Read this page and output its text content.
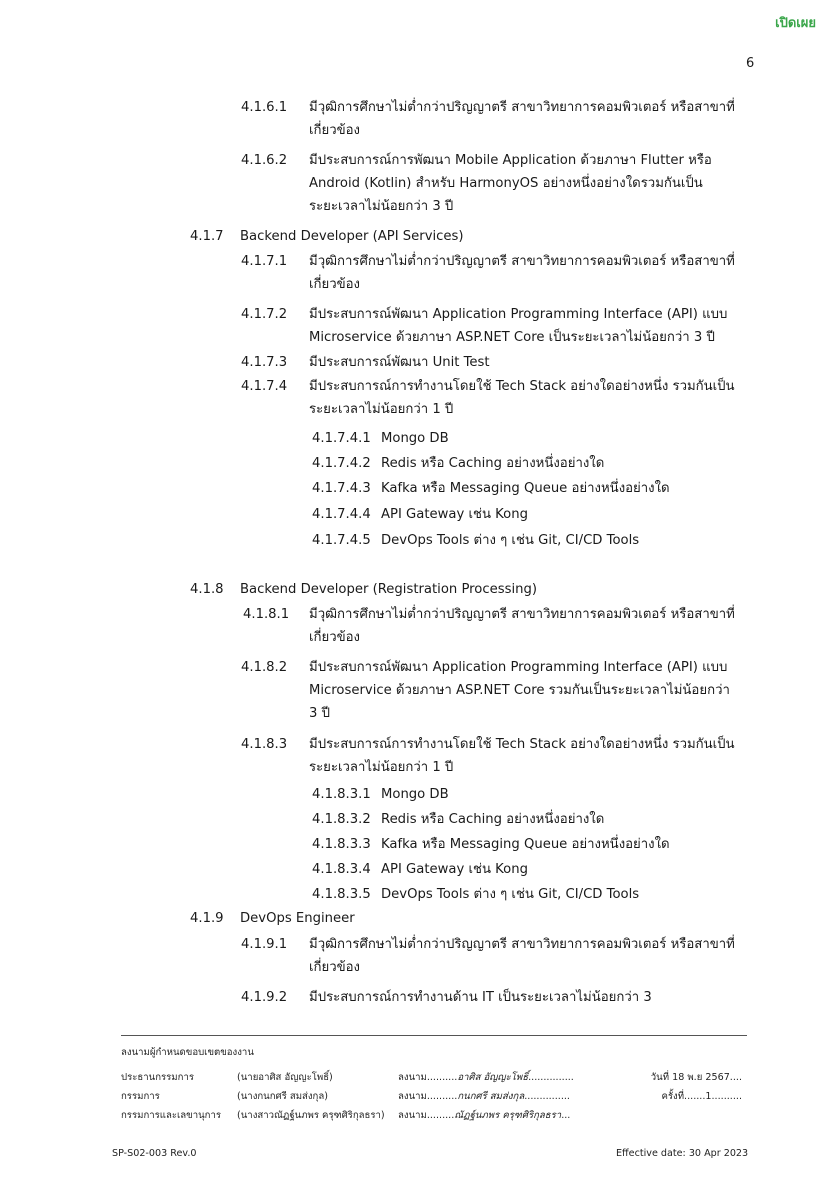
เปิดเผย
6
4.1.6.1 มีวุฒิการศึกษาไม่ต่ำกว่าปริญญาตรี สาขาวิทยาการคอมพิวเตอร์ หรือสาขาที่
เกี่ยวข้อง
4.1.6.2 มีประสบการณ์การพัฒนา Mobile Application ด้วยภาษา Flutter หรือ
Android (Kotlin) สำหรับ HarmonyOS อย่างหนึ่งอย่างใดรวมกันเป็น
ระยะเวลาไม่น้อยกว่า 3 ปี
4.1.7 Backend Developer (API Services)
4.1.7.1 มีวุฒิการศึกษาไม่ต่ำกว่าปริญญาตรี สาขาวิทยาการคอมพิวเตอร์ หรือสาขาที่
เกี่ยวข้อง
4.1.7.2 มีประสบการณ์พัฒนา Application Programming Interface (API) แบบ
Microservice ด้วยภาษา ASP.NET Core เป็นระยะเวลาไม่น้อยกว่า 3 ปี
4.1.7.3 มีประสบการณ์พัฒนา Unit Test
4.1.7.4 มีประสบการณ์การทำงานโดยใช้ Tech Stack อย่างใดอย่างหนึ่ง รวมกันเป็น
ระยะเวลาไม่น้อยกว่า 1 ปี
4.1.7.4.1 Mongo DB
4.1.7.4.2 Redis หรือ Caching อย่างหนึ่งอย่างใด
4.1.7.4.3 Kafka หรือ Messaging Queue อย่างหนึ่งอย่างใด
4.1.7.4.4 API Gateway เช่น Kong
4.1.7.4.5 DevOps Tools ต่าง ๆ เช่น Git, CI/CD Tools
4.1.8 Backend Developer (Registration Processing)
4.1.8.1 มีวุฒิการศึกษาไม่ต่ำกว่าปริญญาตรี สาขาวิทยาการคอมพิวเตอร์ หรือสาขาที่
เกี่ยวข้อง
4.1.8.2 มีประสบการณ์พัฒนา Application Programming Interface (API) แบบ
Microservice ด้วยภาษา ASP.NET Core รวมกันเป็นระยะเวลาไม่น้อยกว่า
3 ปี
4.1.8.3 มีประสบการณ์การทำงานโดยใช้ Tech Stack อย่างใดอย่างหนึ่ง รวมกันเป็น
ระยะเวลาไม่น้อยกว่า 1 ปี
4.1.8.3.1 Mongo DB
4.1.8.3.2 Redis หรือ Caching อย่างหนึ่งอย่างใด
4.1.8.3.3 Kafka หรือ Messaging Queue อย่างหนึ่งอย่างใด
4.1.8.3.4 API Gateway เช่น Kong
4.1.8.3.5 DevOps Tools ต่าง ๆ เช่น Git, CI/CD Tools
4.1.9 DevOps Engineer
4.1.9.1 มีวุฒิการศึกษาไม่ต่ำกว่าปริญญาตรี สาขาวิทยาการคอมพิวเตอร์ หรือสาขาที่
เกี่ยวข้อง
4.1.9.2 มีประสบการณ์การทำงานด้าน IT เป็นระยะเวลาไม่น้อยกว่า 3
ลงนามผู้กำหนดขอบเขตของงาน
ประธานกรรมการ	(นายอาศิส อัญญะโพธิ์)	ลงนาม..........อาศิส อัญญะโพธิ์...............	วันที่ 18 พ.ย 2567....
กรรมการ	(นางกนกศรี สมส่งกุล)	ลงนาม..........กนกศรี สมส่งกุล...............	ครั้งที่.......1..........
กรรมการและเลขานุการ (นางสาวณัฏฐ์นภพร ครุฑศิริกุลธรา) ลงนาม.........ณัฏฐ์นภพร ครุฑศิริกุลธรา...
SP-S02-003 Rev.0	Effective date: 30 Apr 2023
